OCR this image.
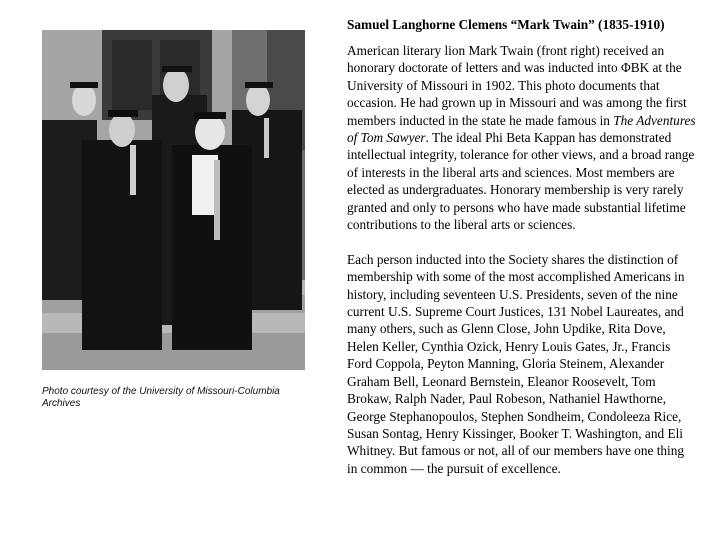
Photo courtesy of the University of Missouri-Columbia Archives
Samuel Langhorne Clemens “Mark Twain” (1835-1910)

American literary lion Mark Twain (front right) received an honorary doctorate of letters and was inducted into ΦBK at the University of Missouri in 1902. This photo documents that occasion. He had grown up in Missouri and was among the first members inducted in the state he made famous in The Adventures of Tom Sawyer. The ideal Phi Beta Kappan has demonstrated intellectual integrity, tolerance for other views, and a broad range of interests in the liberal arts and sciences. Most members are elected as undergraduates. Honorary membership is very rarely granted and only to persons who have made substantial lifetime contributions to the liberal arts or sciences.

Each person inducted into the Society shares the distinction of membership with some of the most accomplished Americans in history, including seventeen U.S. Presidents, seven of the nine current U.S. Supreme Court Justices, 131 Nobel Laureates, and many others, such as Glenn Close, John Updike, Rita Dove, Helen Keller, Cynthia Ozick, Henry Louis Gates, Jr., Francis Ford Coppola, Peyton Manning, Gloria Steinem, Alexander Graham Bell, Leonard Bernstein, Eleanor Roosevelt, Tom Brokaw, Ralph Nader, Paul Robeson, Nathaniel Hawthorne, George Stephanopoulos, Stephen Sondheim, Condoleeza Rice, Susan Sontag, Henry Kissinger, Booker T. Washington, and Eli Whitney. But famous or not, all of our members have one thing in common — the pursuit of excellence.
